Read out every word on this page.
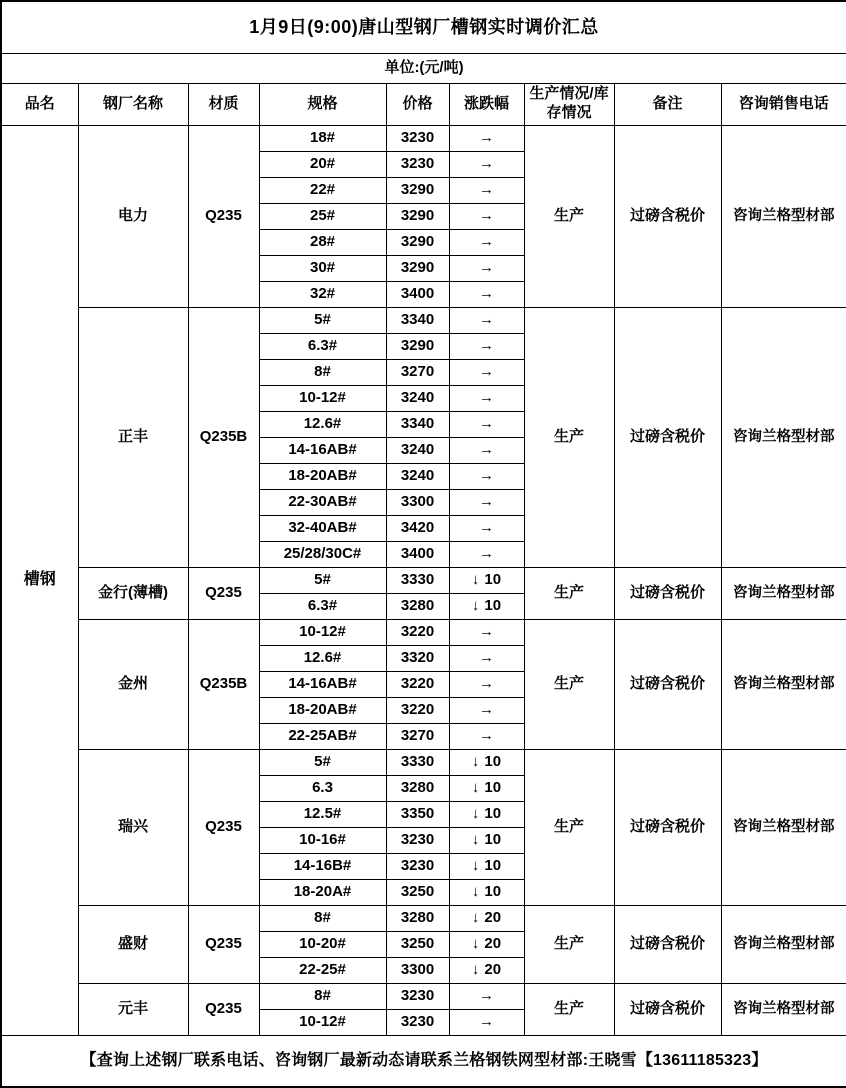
1月9日(9:00)唐山型钢厂槽钢实时调价汇总								
单位:(元/吨)								
品名	钢厂名称	材质	规格	价格	涨跌幅	生产情况/库存情况	备注	咨询销售电话
槽钢	电力	Q235	18#	3230	→	生产	过磅含税价	咨询兰格型材部
			20#	3230	→			
			22#	3290	→			
			25#	3290	→			
			28#	3290	→			
			30#	3290	→			
			32#	3400	→			
	正丰	Q235B	5#	3340	→	生产	过磅含税价	咨询兰格型材部
			6.3#	3290	→			
			8#	3270	→			
			10-12#	3240	→			
			12.6#	3340	→			
			14-16AB#	3240	→			
			18-20AB#	3240	→			
			22-30AB#	3300	→			
			32-40AB#	3420	→			
			25/28/30C#	3400	→			
	金行(薄槽)	Q235	5#	3330	↓ 10	生产	过磅含税价	咨询兰格型材部
			6.3#	3280	↓ 10			
	金州	Q235B	10-12#	3220	→	生产	过磅含税价	咨询兰格型材部
			12.6#	3320	→			
			14-16AB#	3220	→			
			18-20AB#	3220	→			
			22-25AB#	3270	→			
	瑞兴	Q235	5#	3330	↓ 10	生产	过磅含税价	咨询兰格型材部
			6.3	3280	↓ 10			
			12.5#	3350	↓ 10			
			10-16#	3230	↓ 10			
			14-16B#	3230	↓ 10			
			18-20A#	3250	↓ 10			
	盛财	Q235	8#	3280	↓ 20	生产	过磅含税价	咨询兰格型材部
			10-20#	3250	↓ 20			
			22-25#	3300	↓ 20			
	元丰	Q235	8#	3230	→	生产	过磅含税价	咨询兰格型材部
			10-12#	3230	→			
【查询上述钢厂联系电话、咨询钢厂最新动态请联系兰格钢铁网型材部:王晓雪【13611185323】								
